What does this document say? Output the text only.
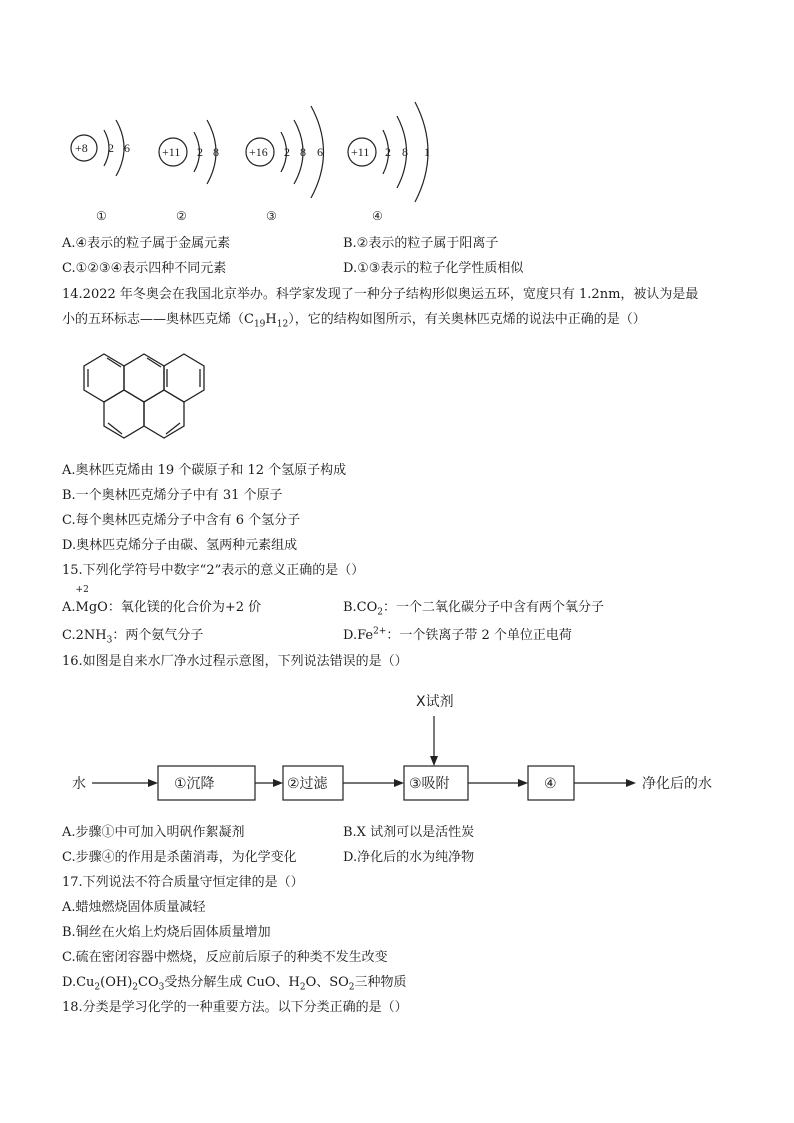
+8 2 6
①
+11 2 8
②
+16 2 8 6
③
+11 2 8 1
④
A.④表示的粒子属于金属元素	B.②表示的粒子属于阳离子
C.①②③④表示四种不同元素	D.①③表示的粒子化学性质相似
14.2022 年冬奥会在我国北京举办。科学家发现了一种分子结构形似奥运五环，宽度只有 1.2nm，被认为是最
小的五环标志——奥林匹克烯$(C_{19}H_{12})$，它的结构如图所示，有关奥林匹克烯的说法中正确的是（）
A.奥林匹克烯由 19 个碳原子和 12 个氢原子构成
B.一个奥林匹克烯分子中有 31 个原子
C.每个奥林匹克烯分子中含有 6 个氢分子
D.奥林匹克烯分子由碳、氢两种元素组成
15.下列化学符号中数字“2”表示的意义正确的是（）
A.
+2
MgO：氧化镁的化合价为+2 价	$B.CO_2$：一个二氧化碳分子中含有两个氧分子
$C.2NH_3$：两个氨气分子	$D.Fe^{2+}$：一个铁离子带 2 个单位正电荷
16.如图是自来水厂净水过程示意图，下列说法错误的是（）
X试剂
水	①沉降	②过滤	③吸附	④	净化后的水
A.步骤①中可加入明矾作絮凝剂	B.X 试剂可以是活性炭
C.步骤④的作用是杀菌消毒，为化学变化	D.净化后的水为纯净物
17.下列说法不符合质量守恒定律的是（）
A.蜡烛燃烧固体质量减轻
B.铜丝在火焰上灼烧后固体质量增加
C.硫在密闭容器中燃烧，反应前后原子的种类不发生改变
$D.Cu_2(OH)_2CO_3$受热分解生成 CuO、$H_2O$、$SO_2$三种物质
18.分类是学习化学的一种重要方法。以下分类正确的是（）
